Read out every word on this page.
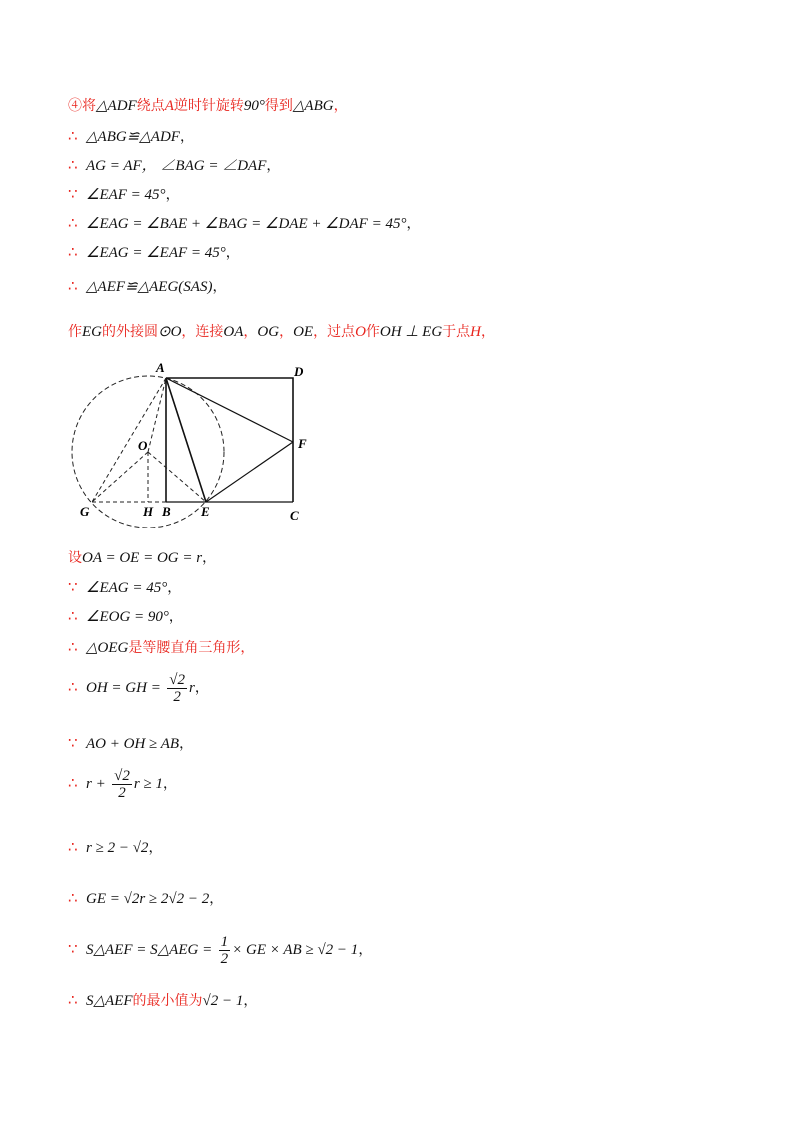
④将△ADF绕点A逆时针旋转90°得到△ABG，
∴ △ABG≌△ADF，
∴ AG = AF， ∠BAG = ∠DAF，
∵ ∠EAF = 45°，
∴ ∠EAG = ∠BAE + ∠BAG = ∠DAE + ∠DAF = 45°，
∴ ∠EAG = ∠EAF = 45°，
∴ △AEF≌△AEG(SAS)，
作EG的外接圆⊙O，连接OA，OG，OE，过点O作OH ⊥ EG于点H，
A	D
F
O
G	H B E	C
设OA = OE = OG = r，
∵ ∠EAG = 45°，
∴ ∠EOG = 90°，
∴ △OEG是等腰直角三角形，
∴ OH = GH = $\frac{√2}{2}$ r，
∵ AO + OH ≥ AB，
∴ $r + \frac{√2}{2}$ r ≥ 1，
∴ r ≥ 2 − √2，
∴ GE = √2r ≥ 2√2 − 2，
∵ S△AEF = S△AEG = $\frac{1}{2}$ × GE × AB ≥ √2 − 1，
∴ S△AEF的最小值为√2 − 1，
